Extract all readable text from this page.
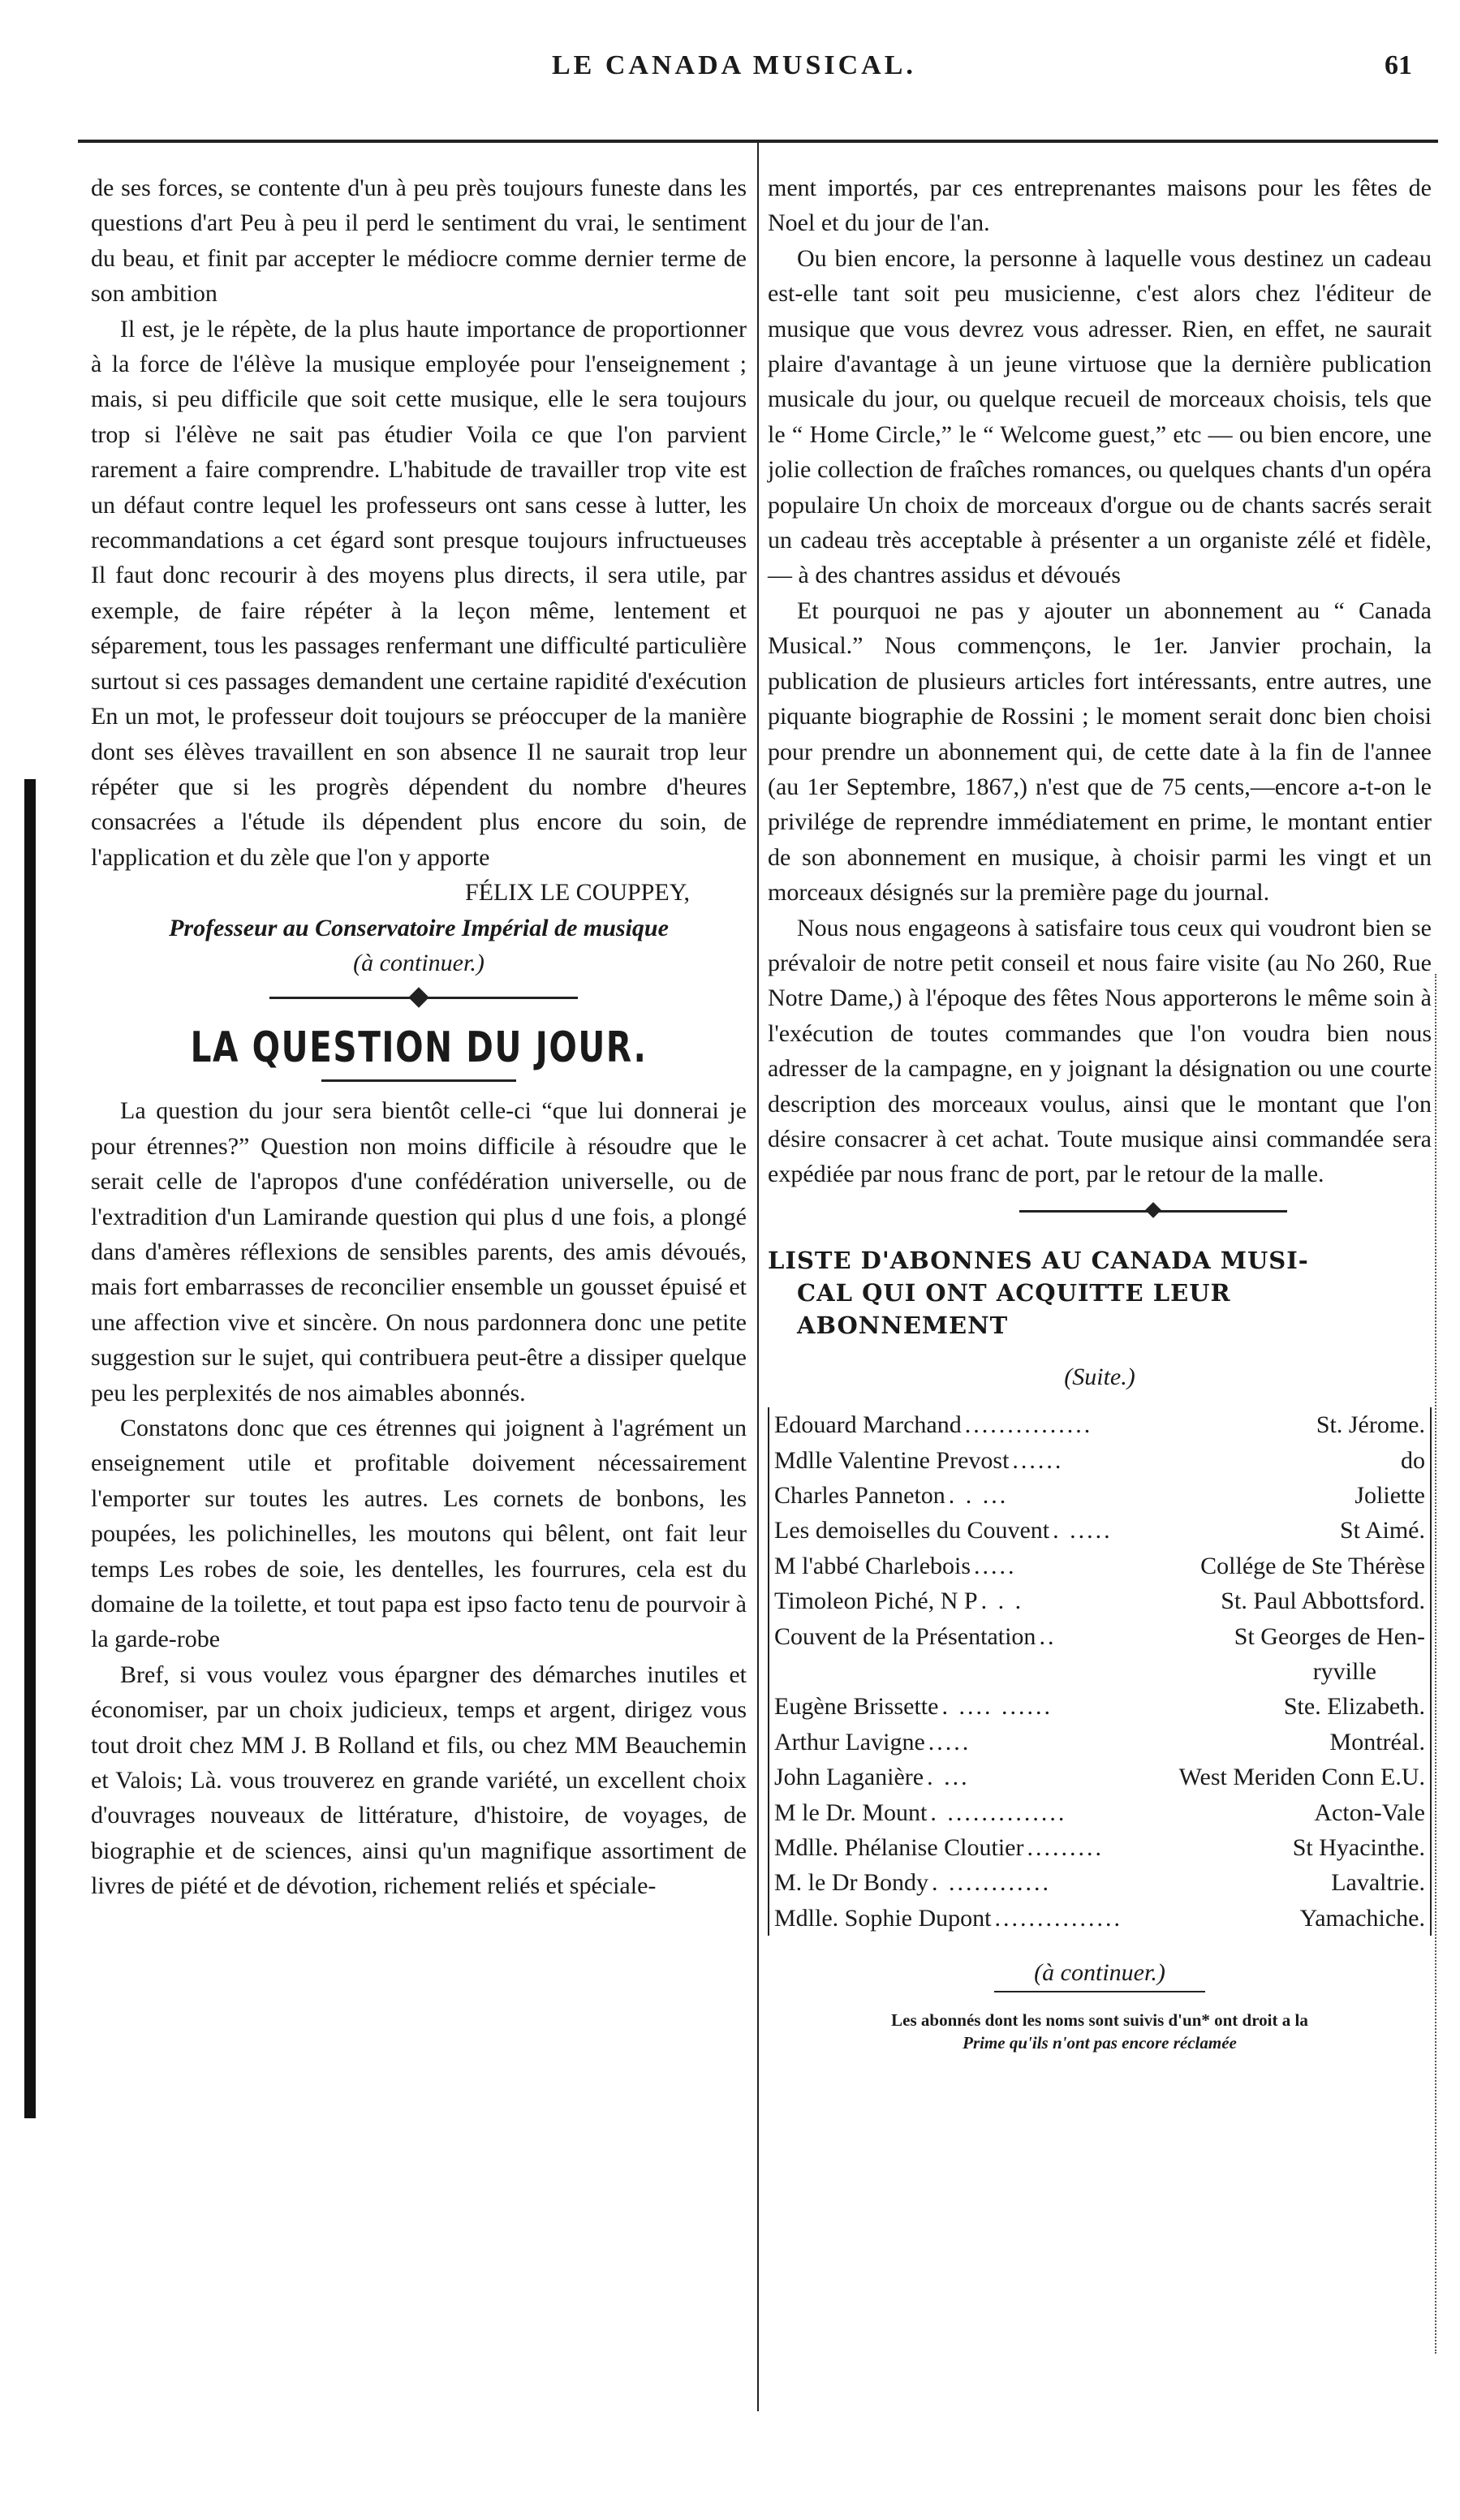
LE CANADA MUSICAL.	61

de ses forces, se contente d'un à peu près toujours funeste dans les questions d'art Peu à peu il perd le sentiment du vrai, le sentiment du beau, et finit par accepter le médiocre comme dernier terme de son ambition

Il est, je le répète, de la plus haute importance de proportionner à la force de l'élève la musique employée pour l'enseignement ; mais, si peu difficile que soit cette musique, elle le sera toujours trop si l'élève ne sait pas étudier Voila ce que l'on parvient rarement a faire comprendre. L'habitude de travailler trop vite est un défaut contre lequel les professeurs ont sans cesse à lutter, les recommandations a cet égard sont presque toujours infructueuses Il faut donc recourir à des moyens plus directs, il sera utile, par exemple, de faire répéter à la leçon même, lentement et séparement, tous les passages renfermant une difficulté particulière surtout si ces passages demandent une certaine rapidité d'exécution En un mot, le professeur doit toujours se préoccuper de la manière dont ses élèves travaillent en son absence Il ne saurait trop leur répéter que si les progrès dépendent du nombre d'heures consacrées a l'étude ils dépendent plus encore du soin, de l'application et du zèle que l'on y apporte

FÉLIX LE COUPPEY,

Professeur au Conservatoire Impérial de musique

(à continuer.)

LA QUESTION DU JOUR.

La question du jour sera bientôt celle-ci “que lui donnerai je pour étrennes?” Question non moins difficile à résoudre que le serait celle de l'apropos d'une confédération universelle, ou de l'extradition d'un Lamirande question qui plus d une fois, a plongé dans d'amères réflexions de sensibles parents, des amis dévoués, mais fort embarrasses de reconcilier ensemble un gousset épuisé et une affection vive et sincère. On nous pardonnera donc une petite suggestion sur le sujet, qui contribuera peut-être a dissiper quelque peu les perplexités de nos aimables abonnés.

Constatons donc que ces étrennes qui joignent à l'agrément un enseignement utile et profitable doivement nécessairement l'emporter sur toutes les autres. Les cornets de bonbons, les poupées, les polichinelles, les moutons qui bêlent, ont fait leur temps Les robes de soie, les dentelles, les fourrures, cela est du domaine de la toilette, et tout papa est ipso facto tenu de pourvoir à la garde-robe

Bref, si vous voulez vous épargner des démarches inutiles et économiser, par un choix judicieux, temps et argent, dirigez vous tout droit chez MM J. B Rolland et fils, ou chez MM Beauchemin et Valois; Là. vous trouverez en grande variété, un excellent choix d'ouvrages nouveaux de littérature, d'histoire, de voyages, de biographie et de sciences, ainsi qu'un magnifique assortiment de livres de piété et de dévotion, richement reliés et spéciale-

ment importés, par ces entreprenantes maisons pour les fêtes de Noel et du jour de l'an.

Ou bien encore, la personne à laquelle vous destinez un cadeau est-elle tant soit peu musicienne, c'est alors chez l'éditeur de musique que vous devrez vous adresser. Rien, en effet, ne saurait plaire d'avantage à un jeune virtuose que la dernière publication musicale du jour, ou quelque recueil de morceaux choisis, tels que le “ Home Circle,” le “ Welcome guest,” etc — ou bien encore, une jolie collection de fraîches romances, ou quelques chants d'un opéra populaire Un choix de morceaux d'orgue ou de chants sacrés serait un cadeau très acceptable à présenter a un organiste zélé et fidèle, — à des chantres assidus et dévoués

Et pourquoi ne pas y ajouter un abonnement au “ Canada Musical.” Nous commençons, le 1er. Janvier prochain, la publication de plusieurs articles fort intéressants, entre autres, une piquante biographie de Rossini ; le moment serait donc bien choisi pour prendre un abonnement qui, de cette date à la fin de l'annee (au 1er Septembre, 1867,) n'est que de 75 cents,—encore a-t-on le privilége de reprendre immédiatement en prime, le montant entier de son abonnement en musique, à choisir parmi les vingt et un morceaux désignés sur la première page du journal.

Nous nous engageons à satisfaire tous ceux qui voudront bien se prévaloir de notre petit conseil et nous faire visite (au No 260, Rue Notre Dame,) à l'époque des fêtes Nous apporterons le même soin à l'exécution de toutes commandes que l'on voudra bien nous adresser de la campagne, en y joignant la désignation ou une courte description des morceaux voulus, ainsi que le montant que l'on désire consacrer à cet achat. Toute musique ainsi commandée sera expédiée par nous franc de port, par le retour de la malle.

LISTE D'ABONNES AU CANADA MUSI-

CAL QUI ONT ACQUITTE LEUR

ABONNEMENT

(Suite.)
Edouard Marchand ...............	St. Jérome.
Mdlle Valentine Prevost ......	do
Charles Panneton . . ...	Joliette
Les demoiselles du Couvent . .....	St Aimé.
M l'abbé Charlebois .....	Collége de Ste Thérèse
Timoleon Piché, N P . . .	St. Paul Abbottsford.
Couvent de la Présentation ..	St Georges de Hen-
ryville
Eugène Brissette . .... ......	Ste. Elizabeth.
Arthur Lavigne .....	Montréal.
John Laganière . ...	West Meriden Conn E.U.
M le Dr. Mount . ..............	Acton-Vale
Mdlle. Phélanise Cloutier .........	St Hyacinthe.
M. le Dr Bondy . ............	Lavaltrie.
Mdlle. Sophie Dupont ...............	Yamachiche.
(à continuer.)
Les abonnés dont les noms sont suivis d'un* ont droit a la
Prime qu'ils n'ont pas encore réclamée
